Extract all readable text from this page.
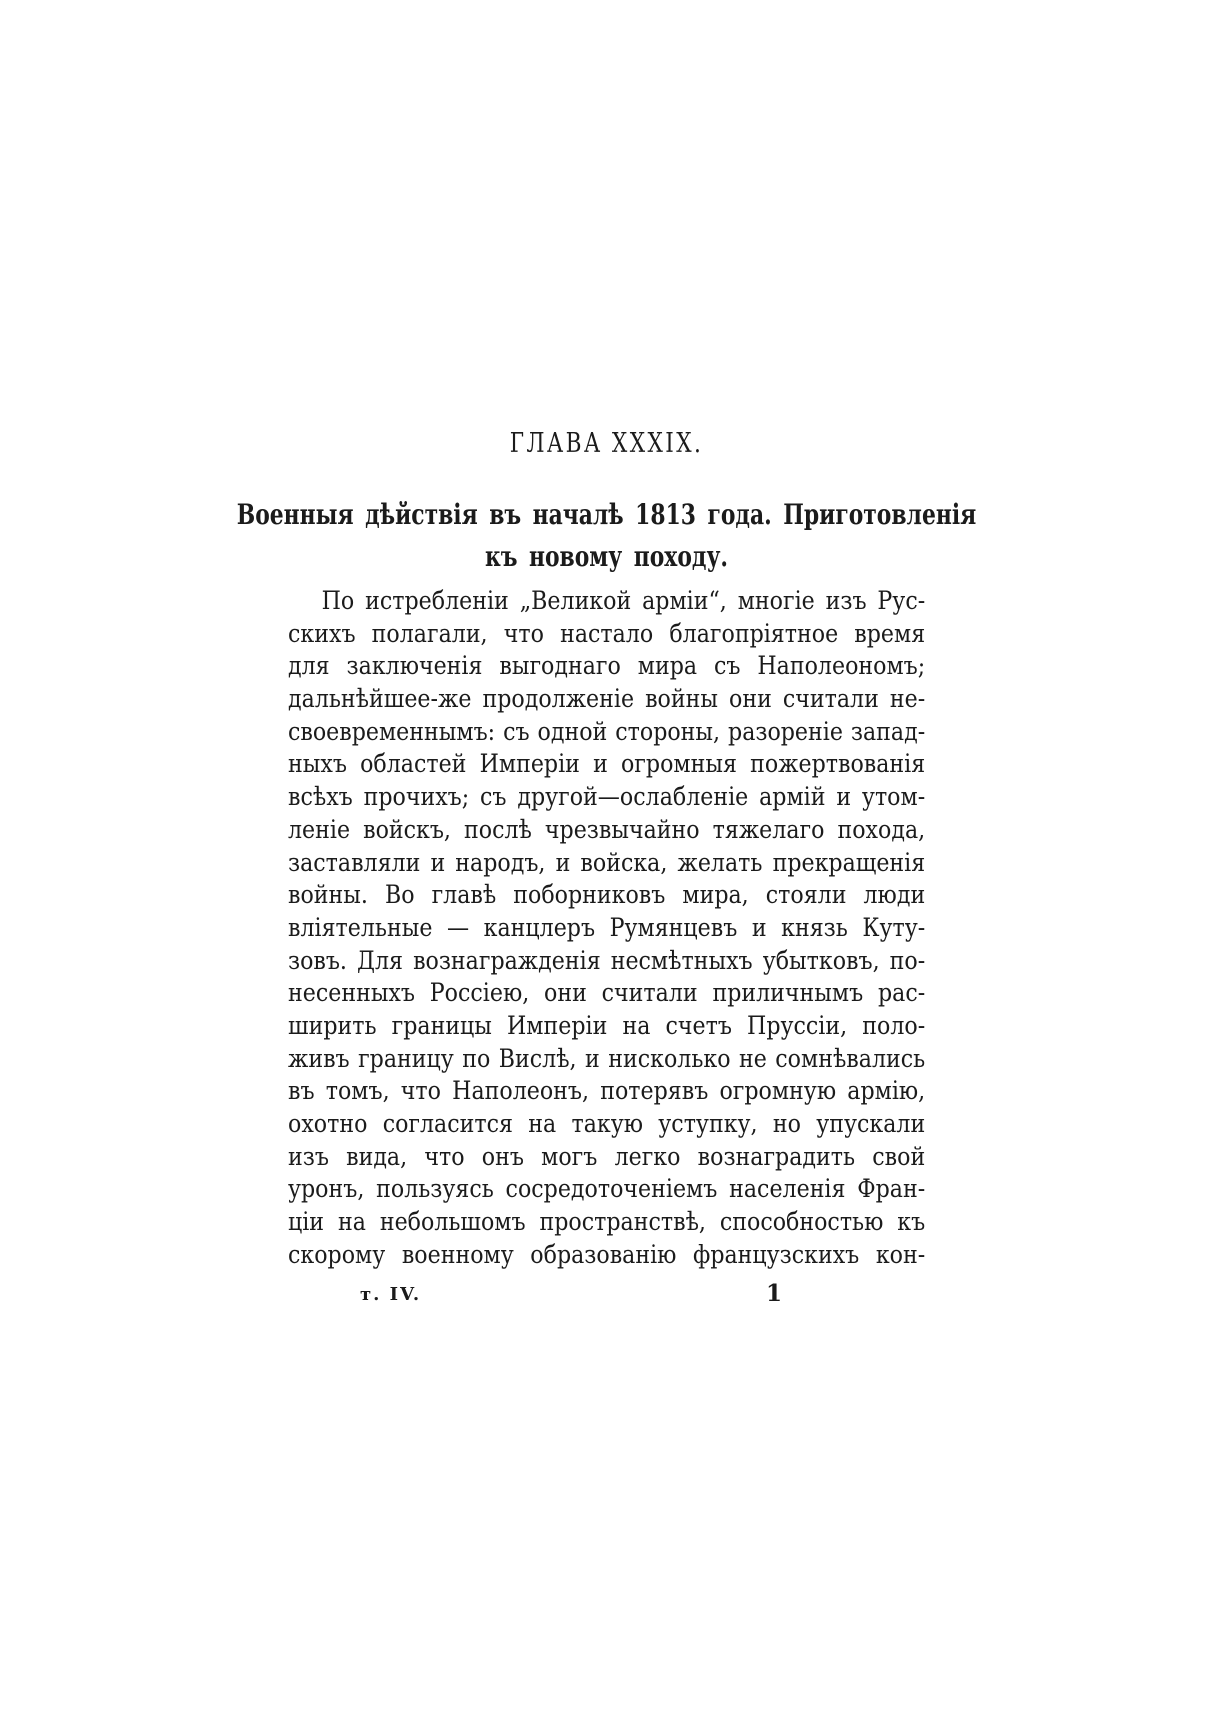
ГЛАВА XXXIX.
Военныя дѣйствія въ началѣ 1813 года. Приготовленія
къ новому походу.
По истребленіи „Великой арміи“, многіе изъ Рус-
скихъ полагали, что настало благопріятное время
для заключенія выгоднаго мира съ Наполеономъ;
дальнѣйшее-же продолженіе войны они считали не-
своевременнымъ: съ одной стороны, разореніе запад-
ныхъ областей Имперіи и огромныя пожертвованія
всѣхъ прочихъ; съ другой—ослабленіе армій и утом-
леніе войскъ, послѣ чрезвычайно тяжелаго похода,
заставляли и народъ, и войска, желать прекращенія
войны. Во главѣ поборниковъ мира, стояли люди
вліятельные — канцлеръ Румянцевъ и князь Куту-
зовъ. Для вознагражденія несмѣтныхъ убытковъ, по-
несенныхъ Россіею, они считали приличнымъ рас-
ширить границы Имперіи на счетъ Пруссіи, поло-
живъ границу по Вислѣ, и нисколько не сомнѣвались
въ томъ, что Наполеонъ, потерявъ огромную армію,
охотно согласится на такую уступку, но упускали
изъ вида, что онъ могъ легко вознаградить свой
уронъ, пользуясь сосредоточеніемъ населенія Фран-
ціи на небольшомъ пространствѣ, способностью къ
скорому военному образованію французскихъ кон-
т. IV.	1
